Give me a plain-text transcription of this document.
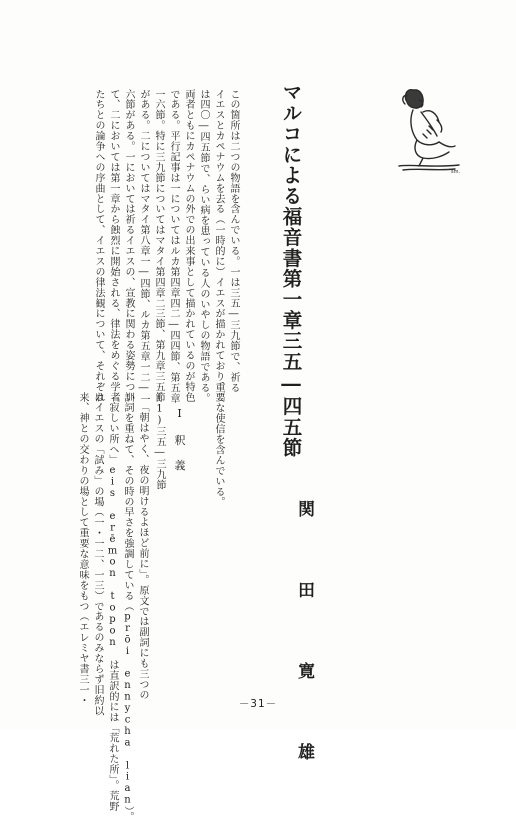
sm.
マルコによる福音書第一章三五―四五節
関 田 寛 雄
この箇所は二つの物語を含んでいる。一は三五―三九節で、祈る
イエスとカペナウムを去る（一時的に）イエスが描かれており、二
は四〇―四五節で、らい病を患っている人のいやしの物語である。
両者ともにカペナウムの外での出来事として描かれているのが特色
である。平行記事は一についてはルカ第四章四二―四四節、第五章
一六節。特に三九節についてはマタイ第四章二三節、第九章三五節
がある。二についてはマタイ第八章一―四節、ルカ第五章一二―一
六節がある。一においては祈るイエスの、宣教に関わる姿勢につい
て、二においては第一章から蝕烈に開始される、律法をめぐる学者
たちとの論争への序曲として、イエスの律法観について、それぞれ
重要な使信を含んでいる。
Ⅰ 釈 義
(1)三五―三九節
「朝はやく、夜の明けるよほど前に」。原文では副詞にも三つの
訓詞を重ねて、その時の早さを強調している（prōi ennycha lian）。
「寂しい所へ」eis erēmon topon は直訳的には「荒れた所」。荒野
はイエスの「試み」の場（一・一二、一三）であるのみならず旧約以
来、神との交わりの場として重要な意味をもつ（エレミヤ書三一・	－31－
